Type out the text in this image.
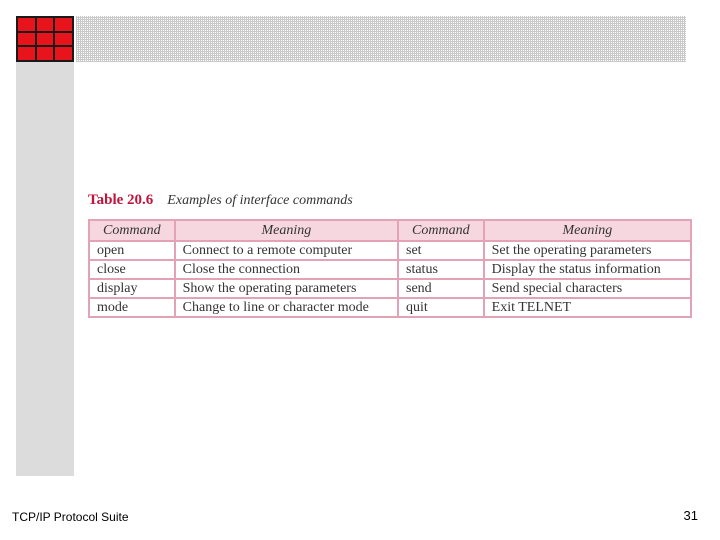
Table 20.6 Examples of interface commands
Command	Meaning	Command	Meaning
open	Connect to a remote computer	set	Set the operating parameters
close	Close the connection	status	Display the status information
display	Show the operating parameters	send	Send special characters
mode	Change to line or character mode	quit	Exit TELNET
TCP/IP Protocol Suite	31
